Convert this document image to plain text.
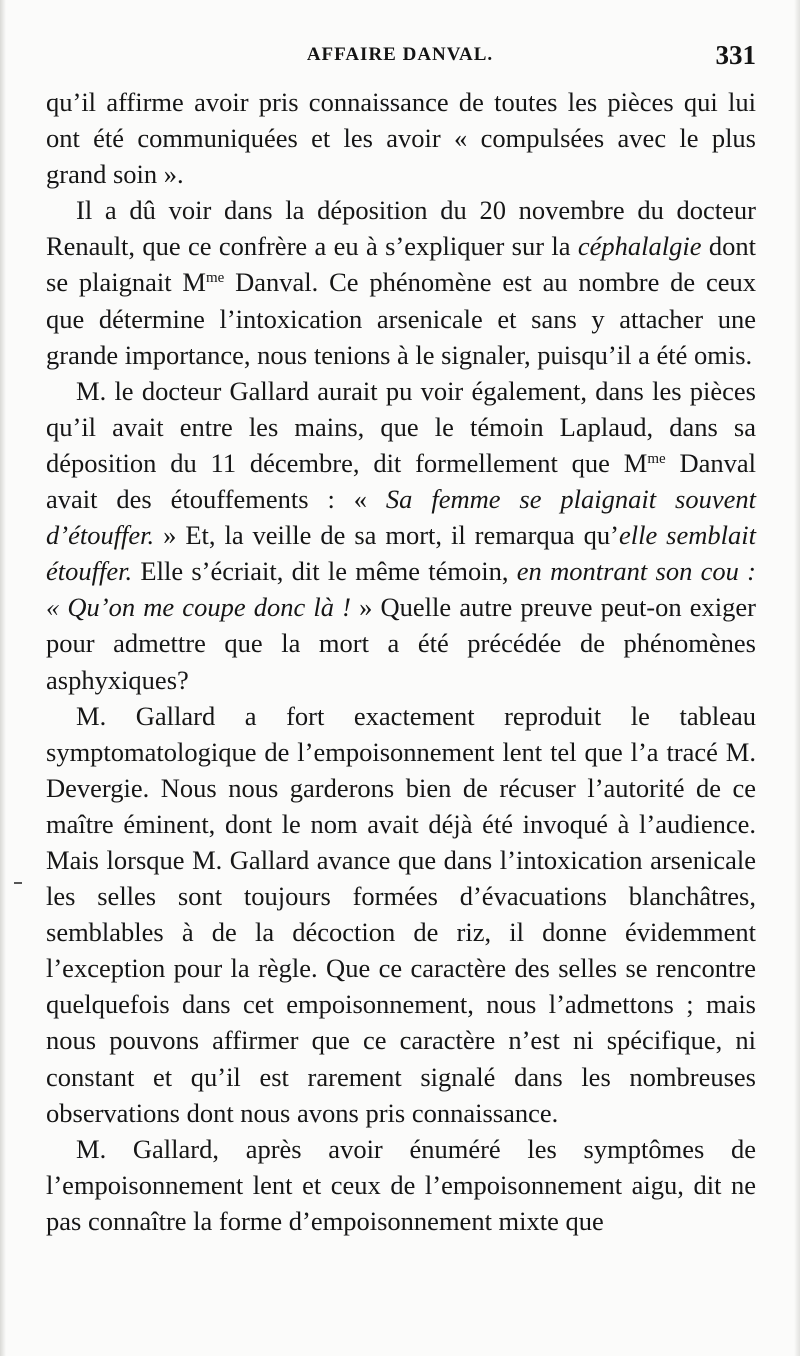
AFFAIRE DANVAL.	331

qu’il affirme avoir pris connaissance de toutes les pièces qui lui ont été communiquées et les avoir « compulsées avec le plus grand soin ».

Il a dû voir dans la déposition du 20 novembre du docteur Renault, que ce confrère a eu à s’expliquer sur la céphalalgie dont se plaignait $M^{me}$ Danval. Ce phénomène est au nombre de ceux que détermine l’intoxication arsenicale et sans y attacher une grande importance, nous tenions à le signaler, puisqu’il a été omis.

M. le docteur Gallard aurait pu voir également, dans les pièces qu’il avait entre les mains, que le témoin Laplaud, dans sa déposition du 11 décembre, dit formellement que $M^{me}$ Danval avait des étouffements : « Sa femme se plaignait souvent d’étouffer. » Et, la veille de sa mort, il remarqua qu’elle semblait étouffer. Elle s’écriait, dit le même témoin, en montrant son cou : « Qu’on me coupe donc là ! » Quelle autre preuve peut-on exiger pour admettre que la mort a été précédée de phénomènes asphyxiques?

M. Gallard a fort exactement reproduit le tableau symptomatologique de l’empoisonnement lent tel que l’a tracé M. Devergie. Nous nous garderons bien de récuser l’autorité de ce maître éminent, dont le nom avait déjà été invoqué à l’audience. Mais lorsque M. Gallard avance que dans l’intoxication arsenicale les selles sont toujours formées d’évacuations blanchâtres, semblables à de la décoction de riz, il donne évidemment l’exception pour la règle. Que ce caractère des selles se rencontre quelquefois dans cet empoisonnement, nous l’admettons ; mais nous pouvons affirmer que ce caractère n’est ni spécifique, ni constant et qu’il est rarement signalé dans les nombreuses observations dont nous avons pris connaissance.

M. Gallard, après avoir énuméré les symptômes de l’empoisonnement lent et ceux de l’empoisonnement aigu, dit ne pas connaître la forme d’empoisonnement mixte que
